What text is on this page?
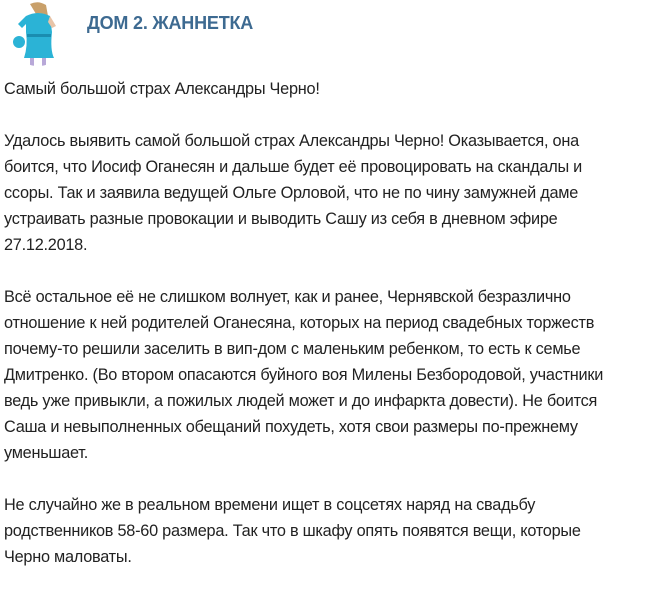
ДОМ 2. ЖАННЕТКА
Самый большой страх Александры Черно!
Удалось выявить самой большой страх Александры Черно! Оказывается, она
боится, что Иосиф Оганесян и дальше будет её провоцировать на скандалы и
ссоры. Так и заявила ведущей Ольге Орловой, что не по чину замужней даме
устраивать разные провокации и выводить Сашу из себя в дневном эфире
27.12.2018.
Всё остальное её не слишком волнует, как и ранее, Чернявской безразлично
отношение к ней родителей Оганесяна, которых на период свадебных торжеств
почему-то решили заселить в вип-дом с маленьким ребенком, то есть к семье
Дмитренко. (Во втором опасаются буйного воя Милены Безбородовой, участники
ведь уже привыкли, а пожилых людей может и до инфаркта довести). Не боится
Саша и невыполненных обещаний похудеть, хотя свои размеры по-прежнему
уменьшает.
Не случайно же в реальном времени ищет в соцсетях наряд на свадьбу
родственников 58-60 размера. Так что в шкафу опять появятся вещи, которые
Черно маловаты.
